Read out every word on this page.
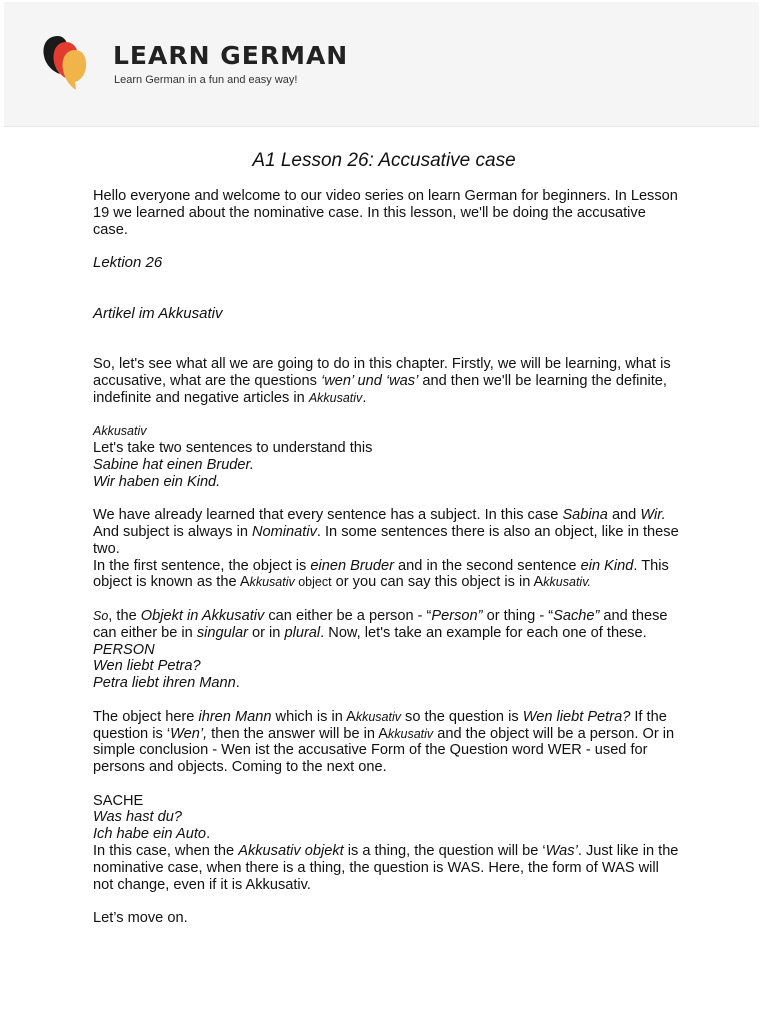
LEARN GERMAN
Learn German in a fun and easy way!
A1 Lesson 26: Accusative case

Hello everyone and welcome to our video series on learn German for beginners. In Lesson 19 we learned about the nominative case. In this lesson, we'll be doing the accusative case.

Lektion 26

Artikel im Akkusativ

So, let's see what all we are going to do in this chapter. Firstly, we will be learning, what is accusative, what are the questions ‘wen’ und ‘was’ and then we'll be learning the definite, indefinite and negative articles in Akkusativ.

Akkusativ

Let's take two sentences to understand this

Sabine hat einen Bruder.

Wir haben ein Kind.

We have already learned that every sentence has a subject. In this case Sabina and Wir. And subject is always in Nominativ. In some sentences there is also an object, like in these two.

In the first sentence, the object is einen Bruder and in the second sentence ein Kind. This object is known as the Akkusativ object or you can say this object is in Akkusativ.

So, the Objekt in Akkusativ can either be a person - “Person” or thing - “Sache” and these can either be in singular or in plural. Now, let's take an example for each one of these.

PERSON

Wen liebt Petra?

Petra liebt ihren Mann.

The object here ihren Mann which is in Akkusativ so the question is Wen liebt Petra? If the question is ‘Wen’, then the answer will be in Akkusativ and the object will be a person. Or in simple conclusion - Wen ist the accusative Form of the Question word WER - used for persons and objects. Coming to the next one.

SACHE

Was hast du?

Ich habe ein Auto.

In this case, when the Akkusativ objekt is a thing, the question will be ‘Was’. Just like in the nominative case, when there is a thing, the question is WAS. Here, the form of WAS will not change, even if it is Akkusativ.

Let’s move on.
